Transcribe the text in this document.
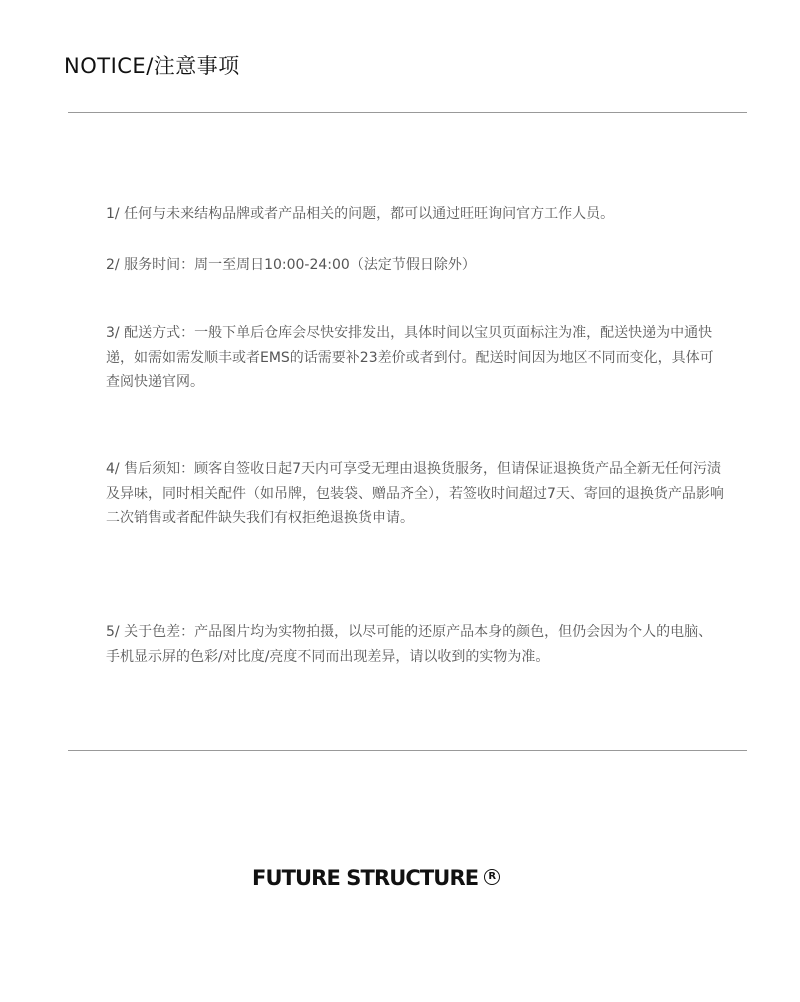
NOTICE/注意事项

1/ 任何与未来结构品牌或者产品相关的问题，都可以通过旺旺询问官方工作人员。

2/ 服务时间：周一至周日10:00-24:00（法定节假日除外）

3/ 配送方式：一般下单后仓库会尽快安排发出，具体时间以宝贝页面标注为准，配送快递为中通快递，如需如需发顺丰或者EMS的话需要补23差价或者到付。配送时间因为地区不同而变化，具体可查阅快递官网。

4/ 售后须知：顾客自签收日起7天内可享受无理由退换货服务，但请保证退换货产品全新无任何污渍及异味，同时相关配件（如吊牌，包装袋、赠品齐全），若签收时间超过7天、寄回的退换货产品影响二次销售或者配件缺失我们有权拒绝退换货申请。

5/ 关于色差：产品图片均为实物拍摄，以尽可能的还原产品本身的颜色，但仍会因为个人的电脑、手机显示屏的色彩/对比度/亮度不同而出现差异，请以收到的实物为准。

FUTURE STRUCTURE R
